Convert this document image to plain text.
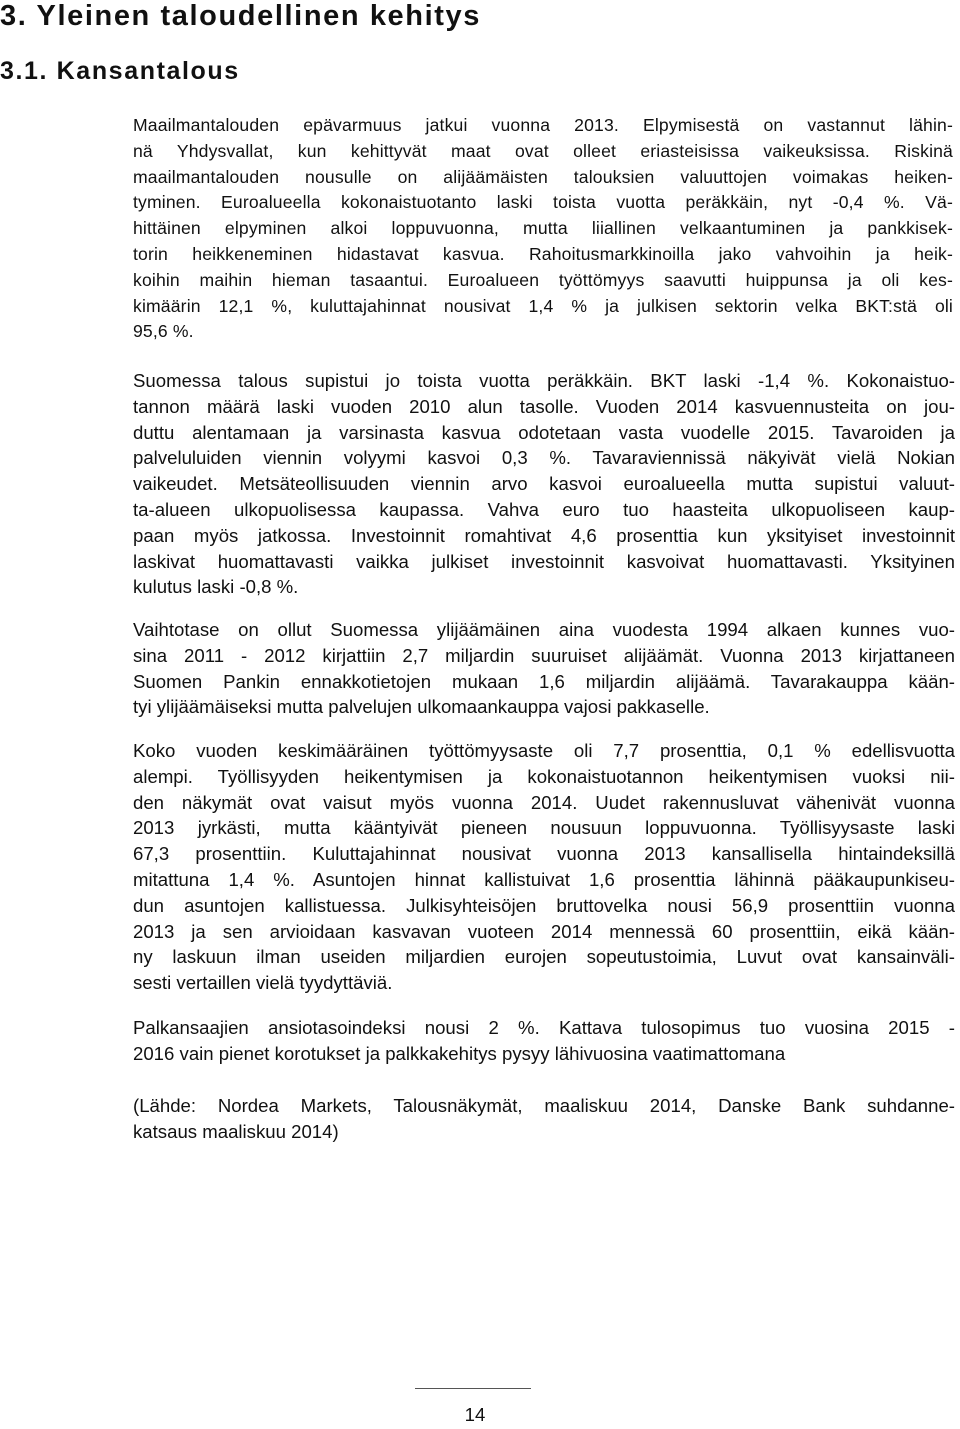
3. Yleinen taloudellinen kehitys
3.1. Kansantalous
Maailmantalouden epävarmuus jatkui vuonna 2013. Elpymisestä on vastannut lähin-
nä Yhdysvallat, kun kehittyvät maat ovat olleet eriasteisissa vaikeuksissa. Riskinä
maailmantalouden nousulle on alijäämäisten talouksien valuuttojen voimakas heiken-
tyminen. Euroalueella kokonaistuotanto laski toista vuotta peräkkäin, nyt -0,4 %. Vä-
hittäinen elpyminen alkoi loppuvuonna, mutta liiallinen velkaantuminen ja pankkisek-
torin heikkeneminen hidastavat kasvua. Rahoitusmarkkinoilla jako vahvoihin ja heik-
koihin maihin hieman tasaantui. Euroalueen työttömyys saavutti huippunsa ja oli kes-
kimäärin 12,1 %, kuluttajahinnat nousivat 1,4 % ja julkisen sektorin velka BKT:stä oli
95,6 %.
Suomessa talous supistui jo toista vuotta peräkkäin. BKT laski -1,4 %. Kokonaistuo-
tannon määrä laski vuoden 2010 alun tasolle. Vuoden 2014 kasvuennusteita on jou-
duttu alentamaan ja varsinasta kasvua odotetaan vasta vuodelle 2015. Tavaroiden ja
palveluluiden viennin volyymi kasvoi 0,3 %. Tavaraviennissä näkyivät vielä Nokian
vaikeudet. Metsäteollisuuden viennin arvo kasvoi euroalueella mutta supistui valuut-
ta-alueen ulkopuolisessa kaupassa. Vahva euro tuo haasteita ulkopuoliseen kaup-
paan myös jatkossa. Investoinnit romahtivat 4,6 prosenttia kun yksityiset investoinnit
laskivat huomattavasti vaikka julkiset investoinnit kasvoivat huomattavasti. Yksityinen
kulutus laski -0,8 %.
Vaihtotase on ollut Suomessa ylijäämäinen aina vuodesta 1994 alkaen kunnes vuo-
sina 2011 - 2012 kirjattiin 2,7 miljardin suuruiset alijäämät. Vuonna 2013 kirjattaneen
Suomen Pankin ennakkotietojen mukaan 1,6 miljardin alijäämä. Tavarakauppa kään-
tyi ylijäämäiseksi mutta palvelujen ulkomaankauppa vajosi pakkaselle.
Koko vuoden keskimääräinen työttömyysaste oli 7,7 prosenttia, 0,1 % edellisvuotta
alempi. Työllisyyden heikentymisen ja kokonaistuotannon heikentymisen vuoksi nii-
den näkymät ovat vaisut myös vuonna 2014. Uudet rakennusluvat vähenivät vuonna
2013 jyrkästi, mutta kääntyivät pieneen nousuun loppuvuonna. Työllisyysaste laski
67,3 prosenttiin. Kuluttajahinnat nousivat vuonna 2013 kansallisella hintaindeksillä
mitattuna 1,4 %. Asuntojen hinnat kallistuivat 1,6 prosenttia lähinnä pääkaupunkiseu-
dun asuntojen kallistuessa. Julkisyhteisöjen bruttovelka nousi 56,9 prosenttiin vuonna
2013 ja sen arvioidaan kasvavan vuoteen 2014 mennessä 60 prosenttiin, eikä kään-
ny laskuun ilman useiden miljardien eurojen sopeutustoimia, Luvut ovat kansainväli-
sesti vertaillen vielä tyydyttäviä.
Palkansaajien ansiotasoindeksi nousi 2 %. Kattava tulosopimus tuo vuosina 2015 -
2016 vain pienet korotukset ja palkkakehitys pysyy lähivuosina vaatimattomana
(Lähde: Nordea Markets, Talousnäkymät, maaliskuu 2014, Danske Bank suhdanne-
katsaus maaliskuu 2014)
14
